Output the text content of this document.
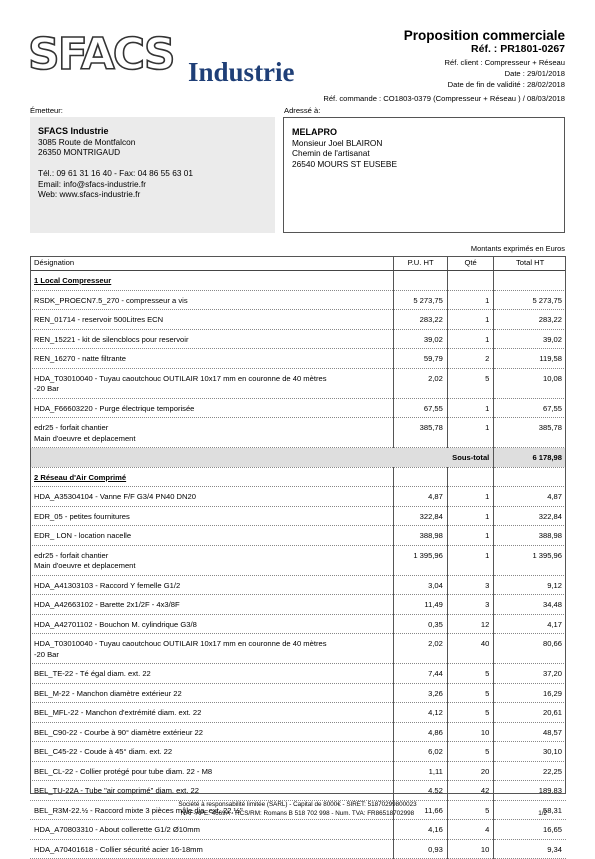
SFACS Industrie
Proposition commerciale
Réf. : PR1801-0267
Réf. client : Compresseur + Réseau
Date : 29/01/2018
Date de fin de validité : 28/02/2018
Réf. commande : CO1803-0379 (Compresseur + Réseau ) / 08/03/2018
Émetteur:	Adressé à:
SFACS Industrie
3085 Route de Montfalcon
26350 MONTRIGAUD
Tél.: 09 61 31 16 40 - Fax: 04 86 55 63 01
Email: info@sfacs-industrie.fr
Web: www.sfacs-industrie.fr
MELAPRO
Monsieur Joel BLAIRON
Chemin de l'artisanat
26540 MOURS ST EUSEBE
Montants exprimés en Euros
Désignation	P.U. HT	Qté	Total HT
1 Local Compresseur			

RSDK_PROECN7.5_270 - compresseur a vis	5 273,75	1	5 273,75

REN_01714 - reservoir 500Litres ECN	283,22	1	283,22

REN_15221 - kit de silencblocs pour reservoir	39,02	1	39,02

REN_16270 - natte filtrante	59,79	2	119,58

HDA_T03010040 - Tuyau caoutchouc OUTILAIR 10x17 mm en couronne de 40 mètres
-20 Bar	2,02	5	10,08

HDA_F66603220 - Purge électrique temporisée	67,55	1	67,55

edr25 - forfait chantier
Main d'oeuvre et deplacement	385,78	1	385,78
Sous-total			6 178,98
2 Réseau d'Air Comprimé			

HDA_A35304104 - Vanne F/F G3/4 PN40 DN20	4,87	1	4,87

EDR_05 - petites fournitures	322,84	1	322,84

EDR_ LON - location nacelle	388,98	1	388,98

edr25 - forfait chantier
Main d'oeuvre et deplacement	1 395,96	1	1 395,96

HDA_A41303103 - Raccord Y femelle G1/2	3,04	3	9,12

HDA_A42663102 - Barette 2x1/2F - 4x3/8F	11,49	3	34,48

HDA_A42701102 - Bouchon M. cylindrique G3/8	0,35	12	4,17

HDA_T03010040 - Tuyau caoutchouc OUTILAIR 10x17 mm en couronne de 40 mètres
-20 Bar	2,02	40	80,66

BEL_TE-22 - Té égal diam. ext. 22	7,44	5	37,20

BEL_M-22 - Manchon diamètre extérieur 22	3,26	5	16,29

BEL_MFL-22 - Manchon d'extrémité diam. ext. 22	4,12	5	20,61

BEL_C90-22 - Courbe à 90° diamètre extérieur 22	4,86	10	48,57

BEL_C45-22 - Coude à 45° diam. ext. 22	6,02	5	30,10

BEL_CL-22 - Collier protégé pour tube diam. 22 - M8	1,11	20	22,25

BEL_TU-22A - Tube "air comprimé" diam. ext. 22	4,52	42	189,83

BEL_R3M-22.½ - Raccord mixte 3 pièces mâle dia. ext. 22.½"	11,66	5	58,31

HDA_A70803310 - About collerette G1/2 Ø10mm	4,16	4	16,65

HDA_A70401618 - Collier sécurité acier 16-18mm	0,93	10	9,34
Société à responsabilité limitée (SARL) - Capital de 8000€ - SIRET: 51870299800023
NAF-APE: 4669A - RCS/RM: Romans B 518 702 998 - Num. TVA: FR86518702998	1/2
